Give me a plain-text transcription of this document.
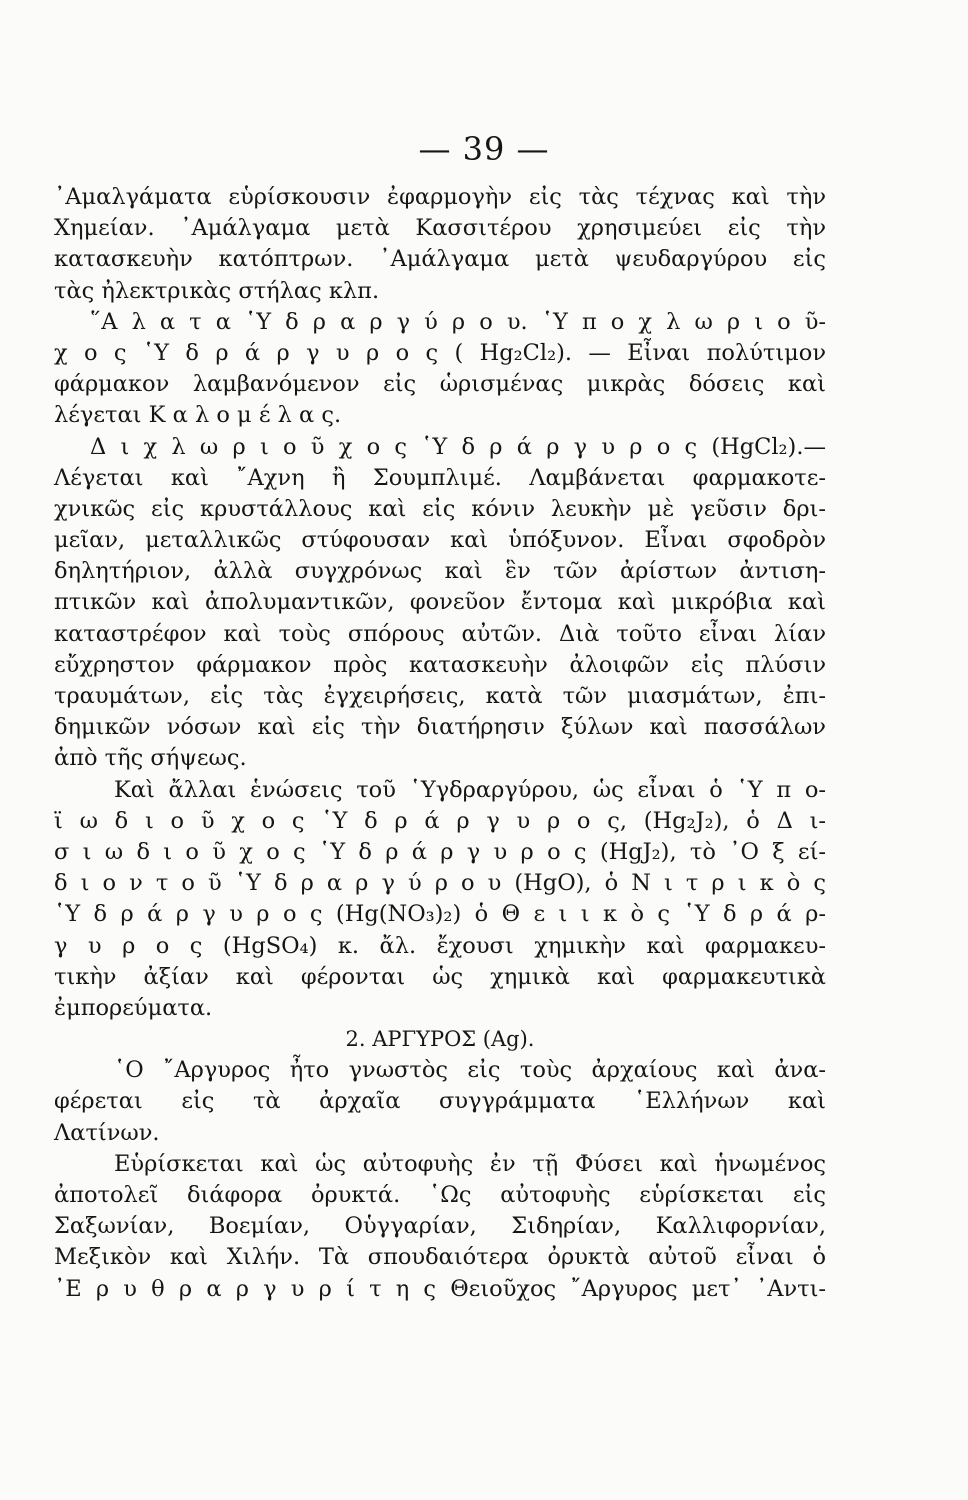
— 39 —
᾿Αμαλγάματα εὑρίσκουσιν ἐφαρμογὴν εἰς τὰς τέχνας καὶ τὴν
Χημείαν. ᾿Αμάλγαμα μετὰ Κασσιτέρου χρησιμεύει εἰς τὴν
κατασκευὴν κατόπτρων. ᾿Αμάλγαμα μετὰ ψευδαργύρου εἰς
τὰς ἠλεκτρικὰς στήλας κλπ.
῞Α λ α τ α ῾Υ δ ρ α ρ γ ύ ρ ο υ. ῾Υ π ο χ λ ω ρ ι ο ῦ-
χ ο ς ῾Υ δ ρ ά ρ γ υ ρ ο ς ( Hg₂Cl₂). — Εἶναι πολύτιμον
φάρμακον λαμβανόμενον εἰς ὡρισμένας μικρὰς δόσεις καὶ
λέγεται Κ α λ ο μ έ λ α ς.
Δ ι χ λ ω ρ ι ο ῦ χ ο ς ῾Υ δ ρ ά ρ γ υ ρ ο ς (HgCl₂).—
Λέγεται καὶ ῎Αχνη ἢ Σουμπλιμέ. Λαμβάνεται φαρμακοτε-
χνικῶς εἰς κρυστάλλους καὶ εἰς κόνιν λευκὴν μὲ γεῦσιν δρι-
μεῖαν, μεταλλικῶς στύφουσαν καὶ ὑπόξυνον. Εἶναι σφοδρὸν
δηλητήριον, ἀλλὰ συγχρόνως καὶ ἓν τῶν ἀρίστων ἀντιση-
πτικῶν καὶ ἀπολυμαντικῶν, φονεῦον ἔντομα καὶ μικρόβια καὶ
καταστρέφον καὶ τοὺς σπόρους αὐτῶν. Διὰ τοῦτο εἶναι λίαν
εὔχρηστον φάρμακον πρὸς κατασκευὴν ἀλοιφῶν εἰς πλύσιν
τραυμάτων, εἰς τὰς ἐγχειρήσεις, κατὰ τῶν μιασμάτων, ἐπι-
δημικῶν νόσων καὶ εἰς τὴν διατήρησιν ξύλων καὶ πασσάλων
ἀπὸ τῆς σήψεως.
Καὶ ἄλλαι ἑνώσεις τοῦ ῾Υγδραργύρου, ὡς εἶναι ὁ ῾Υ π ο-
ϊ ω δ ι ο ῦ χ ο ς ῾Υ δ ρ ά ρ γ υ ρ ο ς, (Hg₂J₂), ὁ Δ ι-
σ ι ω δ ι ο ῦ χ ο ς ῾Υ δ ρ ά ρ γ υ ρ ο ς (HgJ₂), τὸ ᾿Ο ξ εί-
δ ι ο ν τ ο ῦ ῾Υ δ ρ α ρ γ ύ ρ ο υ (HgO), ὁ Ν ι τ ρ ι κ ὸ ς
῾Υ δ ρ ά ρ γ υ ρ ο ς (Hg(NO₃)₂) ὁ Θ ε ι ι κ ὸ ς ῾Υ δ ρ ά ρ-
γ υ ρ ο ς (HgSO₄) κ. ἄλ. ἔχουσι χημικὴν καὶ φαρμακευ-
τικὴν ἀξίαν καὶ φέρονται ὡς χημικὰ καὶ φαρμακευτικὰ
ἐμπορεύματα.
2. ΑΡΓΥΡΟΣ (Ag).
῾Ο ῎Αργυρος ἦτο γνωστὸς εἰς τοὺς ἀρχαίους καὶ ἀνα-
φέρεται εἰς τὰ ἀρχαῖα συγγράμματα ῾Ελλήνων καὶ
Λατίνων.
Εὑρίσκεται καὶ ὡς αὐτοφυὴς ἐν τῇ Φύσει καὶ ἡνωμένος
ἀποτολεῖ διάφορα ὀρυκτά. ῾Ως αὐτοφυὴς εὑρίσκεται εἰς
Σαξωνίαν, Βοεμίαν, Οὑγγαρίαν, Σιδηρίαν, Καλλιφορνίαν,
Μεξικὸν καὶ Χιλήν. Τὰ σπουδαιότερα ὀρυκτὰ αὐτοῦ εἶναι ὁ
᾿Ε ρ υ θ ρ α ρ γ υ ρ ί τ η ς Θειοῦχος ῎Αργυρος μετ᾿ ᾿Αντι-
